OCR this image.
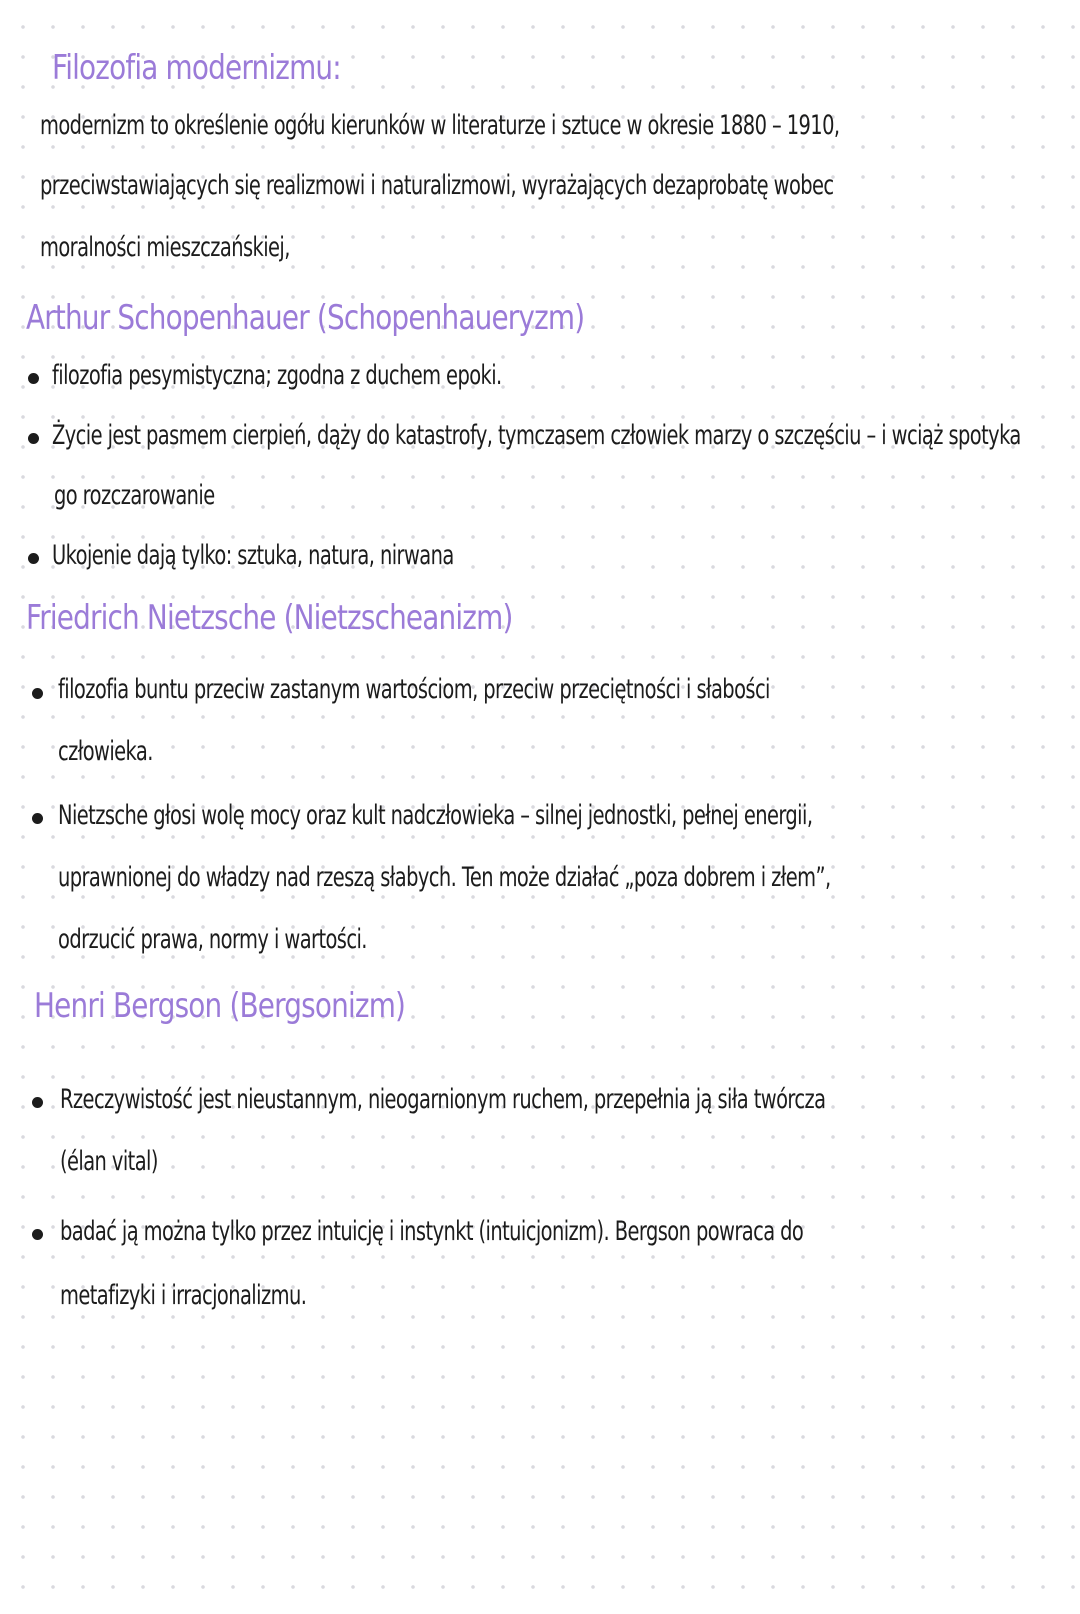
Filozofia modernizmu:
modernizm to określenie ogółu kierunków w literaturze i sztuce w okresie 1880 – 1910,
przeciwstawiających się realizmowi i naturalizmowi, wyrażających dezaprobatę wobec
moralności mieszczańskiej,
Arthur Schopenhauer (Schopenhaueryzm)
filozofia pesymistyczna; zgodna z duchem epoki.
Życie jest pasmem cierpień, dąży do katastrofy, tymczasem człowiek marzy o szczęściu – i wciąż spotyka
go rozczarowanie
Ukojenie dają tylko: sztuka, natura, nirwana
Friedrich Nietzsche (Nietzscheanizm)
filozofia buntu przeciw zastanym wartościom, przeciw przeciętności i słabości
człowieka.
Nietzsche głosi wolę mocy oraz kult nadczłowieka – silnej jednostki, pełnej energii,
uprawnionej do władzy nad rzeszą słabych. Ten może działać „poza dobrem i złem”,
odrzucić prawa, normy i wartości.
Henri Bergson (Bergsonizm)
Rzeczywistość jest nieustannym, nieogarnionym ruchem, przepełnia ją siła twórcza
(élan vital)
badać ją można tylko przez intuicję i instynkt (intuicjonizm). Bergson powraca do
metafizyki i irracjonalizmu.
